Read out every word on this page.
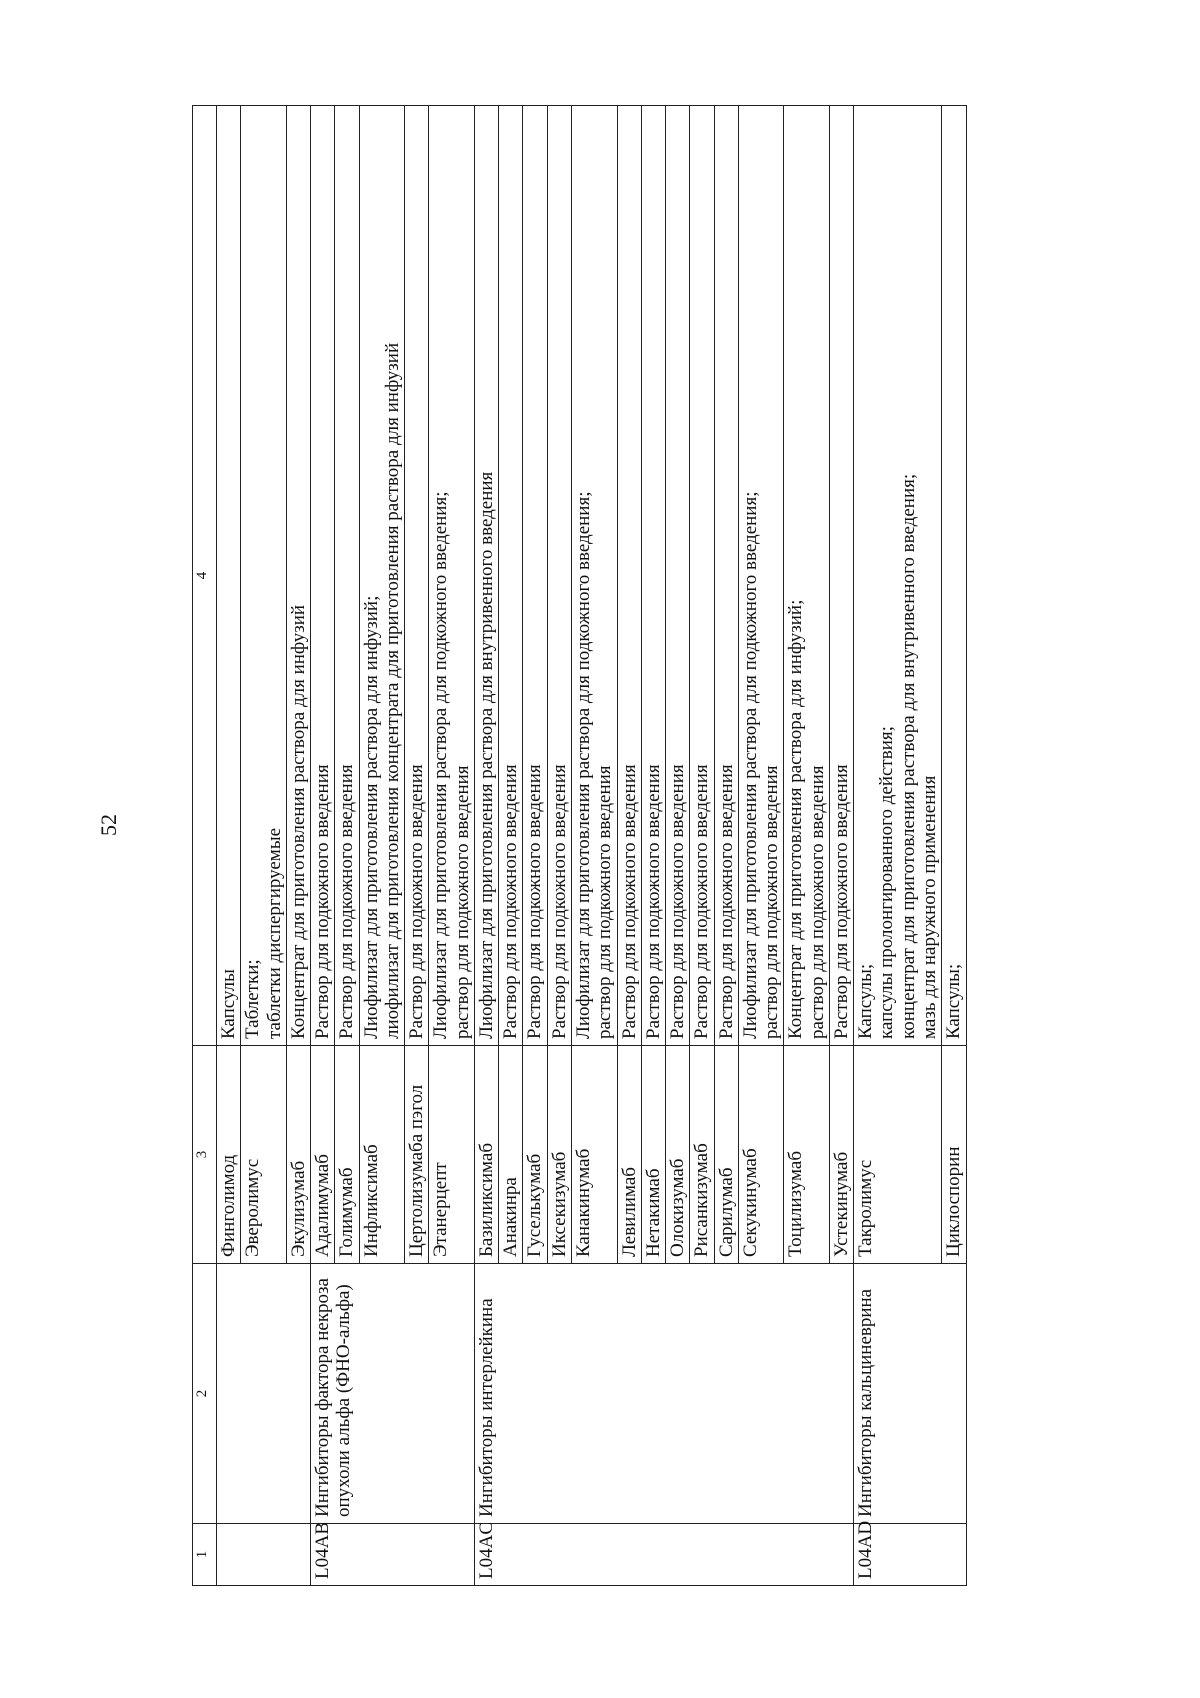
52
1	2	3	4
		Финголимод	Капсулы

		Эверолимус	Таблетки; таблетки диспергируемые

		Экулизумаб	Концентрат для приготовления раствора для инфузий

L04AB	Ингибиторы фактора некроза опухоли альфа (ФНО-альфа)	Адалимумаб	Раствор для подкожного введения

		Голимумаб	Раствор для подкожного введения

		Инфликсимаб	Лиофилизат для приготовления раствора для инфузий; лиофилизат для приготовления концентрата для приготовления раствора для инфузий

		Цертолизумаба пэгол	Раствор для подкожного введения

		Этанерцепт	Лиофилизат для приготовления раствора для подкожного введения; раствор для подкожного введения

L04AC	Ингибиторы интерлейкина	Базиликсимаб	Лиофилизат для приготовления раствора для внутривенного введения

		Анакинра	Раствор для подкожного введения

		Гуселькумаб	Раствор для подкожного введения

		Иксекизумаб	Раствор для подкожного введения

		Канакинумаб	Лиофилизат для приготовления раствора для подкожного введения; раствор для подкожного введения

		Левилимаб	Раствор для подкожного введения

		Нетакимаб	Раствор для подкожного введения

		Олокизумаб	Раствор для подкожного введения

		Рисанкизумаб	Раствор для подкожного введения

		Сарилумаб	Раствор для подкожного введения

		Секукинумаб	Лиофилизат для приготовления раствора для подкожного введения; раствор для подкожного введения

		Тоцилизумаб	Концентрат для приготовления раствора для инфузий; раствор для подкожного введения

		Устекинумаб	Раствор для подкожного введения

L04AD	Ингибиторы кальциневрина	Такролимус	Капсулы; капсулы пролонгированного действия; концентрат для приготовления раствора для внутривенного введения; мазь для наружного применения

		Циклоспорин	Капсулы;
